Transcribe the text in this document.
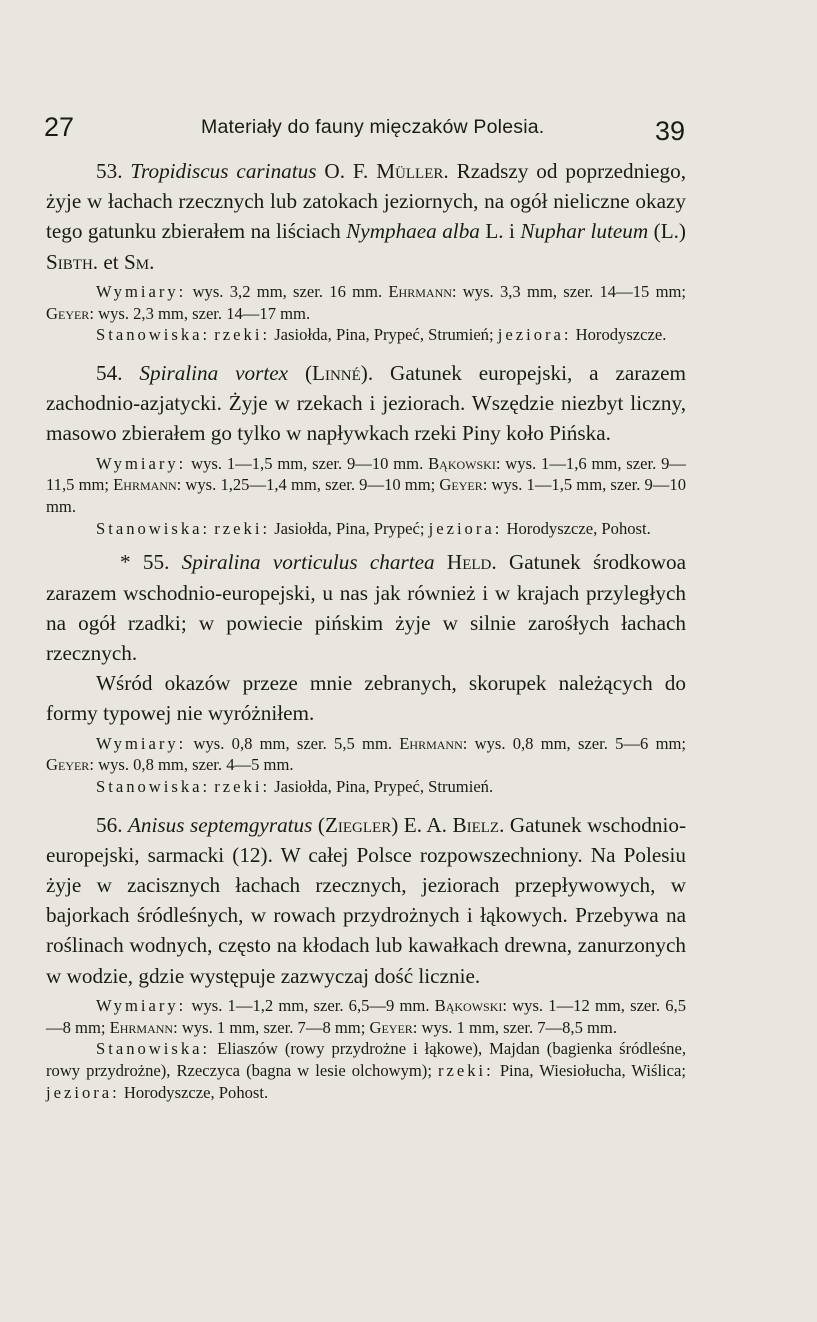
27	Materiały do fauny mięczaków Polesia.	39

53. Tropidiscus carinatus O. F. Müller. Rzadszy od poprzedniego, żyje w łachach rzecznych lub zatokach jeziornych, na ogół nieliczne okazy tego gatunku zbierałem na liściach Nymphaea alba L. i Nuphar luteum (L.) Sibth. et Sm.

Wymiary: wys. 3,2 mm, szer. 16 mm. Ehrmann: wys. 3,3 mm, szer. 14—15 mm; Geyer: wys. 2,3 mm, szer. 14—17 mm.

Stanowiska: rzeki: Jasiołda, Pina, Prypeć, Strumień; jeziora: Horodyszcze.

54. Spiralina vortex (Linné). Gatunek europejski, a zarazem zachodnio-azjatycki. Żyje w rzekach i jeziorach. Wszędzie niezbyt liczny, masowo zbierałem go tylko w napływkach rzeki Piny koło Pińska.

Wymiary: wys. 1—1,5 mm, szer. 9—10 mm. Bąkowski: wys. 1—1,6 mm, szer. 9—11,5 mm; Ehrmann: wys. 1,25—1,4 mm, szer. 9—10 mm; Geyer: wys. 1—1,5 mm, szer. 9—10 mm.

Stanowiska: rzeki: Jasiołda, Pina, Prypeć; jeziora: Horodyszcze, Pohost.

* 55. Spiralina vorticulus chartea Held. Gatunek środkowoa zarazem wschodnio-europejski, u nas jak również i w krajach przyległych na ogół rzadki; w powiecie pińskim żyje w silnie zarośłych łachach rzecznych.

Wśród okazów przeze mnie zebranych, skorupek należących do formy typowej nie wyróżniłem.

Wymiary: wys. 0,8 mm, szer. 5,5 mm. Ehrmann: wys. 0,8 mm, szer. 5—6 mm; Geyer: wys. 0,8 mm, szer. 4—5 mm.

Stanowiska: rzeki: Jasiołda, Pina, Prypeć, Strumień.

56. Anisus septemgyratus (Ziegler) E. A. Bielz. Gatunek wschodnio-europejski, sarmacki (12). W całej Polsce rozpowszechniony. Na Polesiu żyje w zacisznych łachach rzecznych, jeziorach przepływowych, w bajorkach śródleśnych, w rowach przydrożnych i łąkowych. Przebywa na roślinach wodnych, często na kłodach lub kawałkach drewna, zanurzonych w wodzie, gdzie występuje zazwyczaj dość licznie.

Wymiary: wys. 1—1,2 mm, szer. 6,5—9 mm. Bąkowski: wys. 1—12 mm, szer. 6,5—8 mm; Ehrmann: wys. 1 mm, szer. 7—8 mm; Geyer: wys. 1 mm, szer. 7—8,5 mm.

Stanowiska: Eliaszów (rowy przydrożne i łąkowe), Majdan (bagienka śródleśne, rowy przydrożne), Rzeczyca (bagna w lesie olchowym); rzeki: Pina, Wiesiołucha, Wiślica; jeziora: Horodyszcze, Pohost.
